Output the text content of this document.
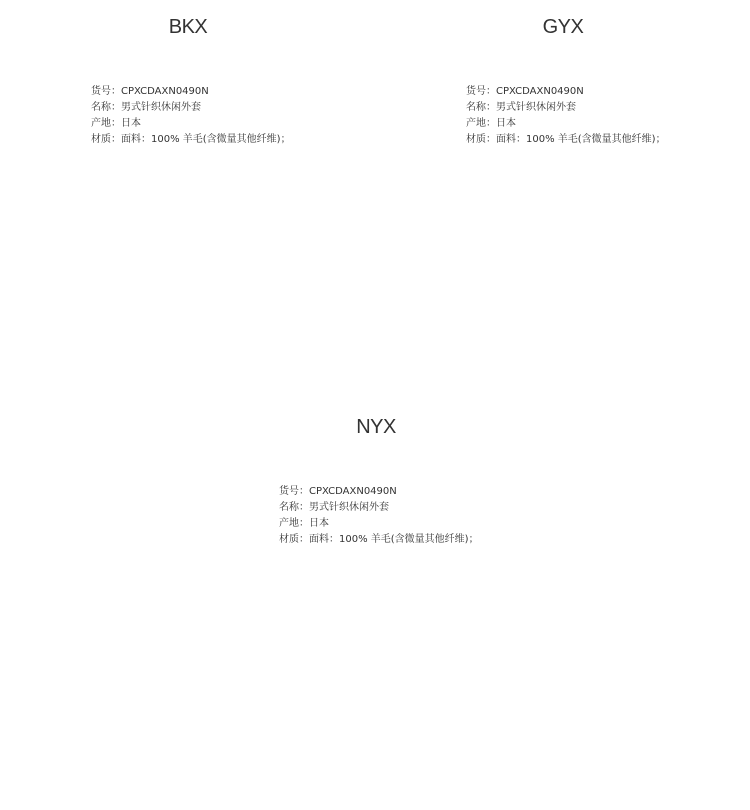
BKX
货号：CPXCDAXN0490N
名称：男式针织休闲外套
产地：日本
材质：面料：100% 羊毛(含微量其他纤维)；
GYX
货号：CPXCDAXN0490N
名称：男式针织休闲外套
产地：日本
材质：面料：100% 羊毛(含微量其他纤维)；
NYX
货号：CPXCDAXN0490N
名称：男式针织休闲外套
产地：日本
材质：面料：100% 羊毛(含微量其他纤维)；
